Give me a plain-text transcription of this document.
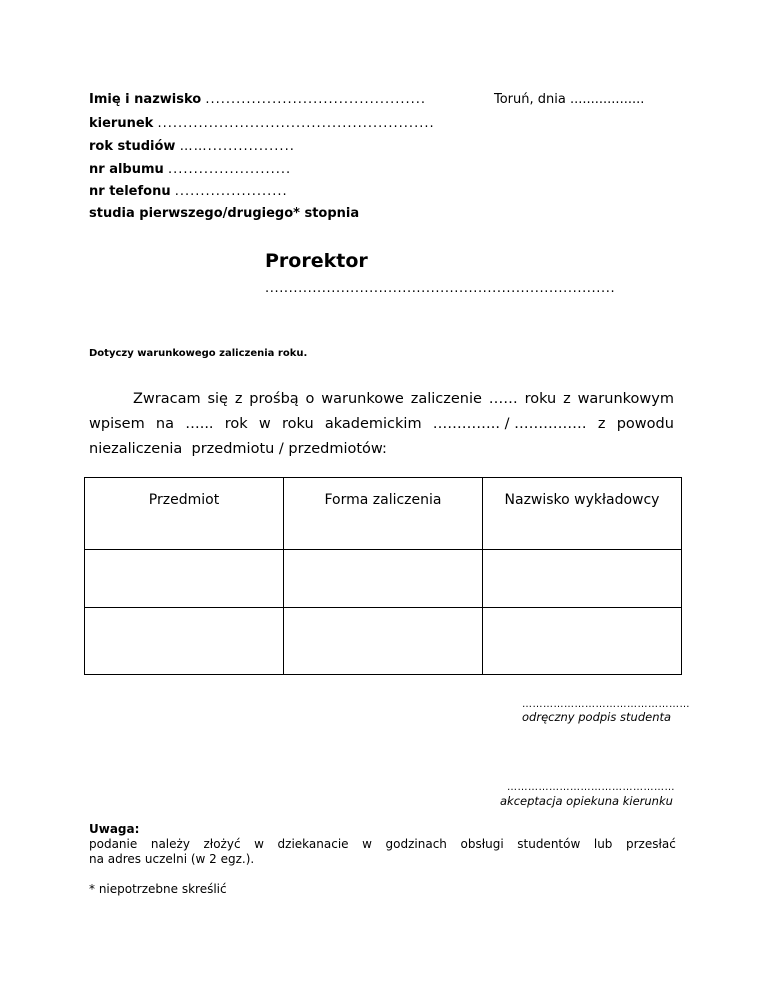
Imię i nazwisko ...........................................	Toruń, dnia ..................
kierunek ......................................................
rok studiów …….................
nr albumu ........................
nr telefonu ......................
studia pierwszego/drugiego* stopnia
Prorektor
..........................................................................
Dotyczy warunkowego zaliczenia roku.
Zwracam się z prośbą o warunkowe zaliczenie …… roku z warunkowym
wpisem na …... rok w roku akademickim ………….. / …………… z powodu
niezaliczenia  przedmiotu / przedmiotów:
Przedmiot	Forma zaliczenia	Nazwisko wykładowcy

…………………………………………
odręczny podpis studenta
…………………………………………
akceptacja opiekuna kierunku
Uwaga:
podanie należy złożyć w dziekanacie w godzinach obsługi studentów lub przesłać
na adres uczelni (w 2 egz.).
* niepotrzebne skreślić
